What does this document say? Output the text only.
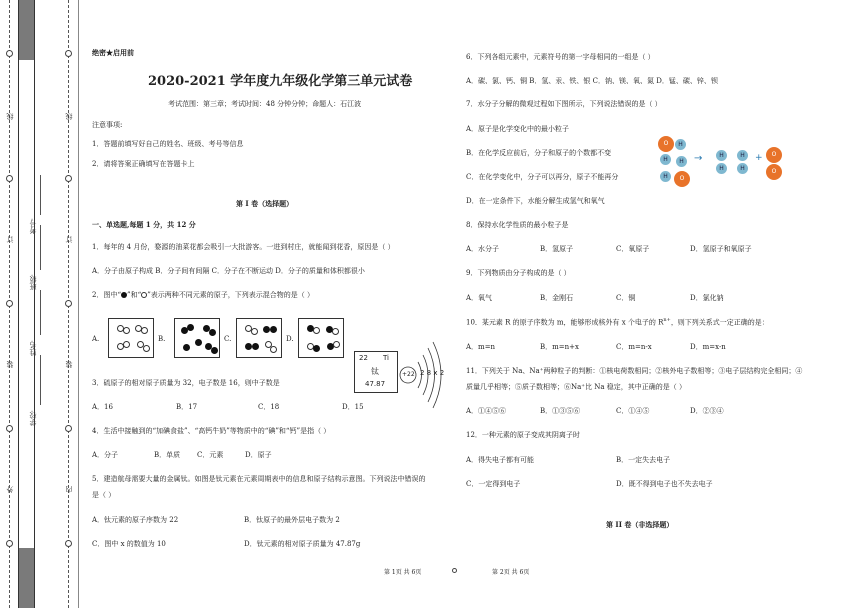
外
装
订
线
内
装
订
线
学校:
姓名:
班级:
考号:
绝密★启用前
2020-2021 学年度九年级化学第三单元试卷
考试范围：第三章；考试时间：48 分钟分钟；命题人：石江波
注意事项:
1．答题前填写好自己的姓名、班级、考号等信息
2．请将答案正确填写在答题卡上
第 I 卷（选择题）
一、单选题,每题 1 分，共 12 分
1．每年的 4 月份，婺源的油菜花都会吸引一大批游客。一进到村庄，就能闻到花香，原因是（ ）
A．分子由原子构成 B．分子间有间隔 C．分子在不断运动 D．分子的质量和体积都很小
2．图中“ ”和“ ”表示两种不同元素的原子，下列表示混合物的是（ ）
A.	B.	C.	D.
22 Ti
钛
47.87
+22 2 8 x 2
3．硫原子的相对原子质量为 32，电子数是 16，则中子数是
A．16	B．17	C．18	D．15
4．生活中接触到的“加碘食盐”、“高钙牛奶”等物质中的“碘”和“钙”是指（ ）
A．分子	B．单质 C．元素	D．原子
5．建造航母需要大量的金属钛。如图是钛元素在元素周期表中的信息和原子结构示意图。下列说法中错误的
是（ ）
A．钛元素的原子序数为 22	B．钛原子的最外层电子数为 2
C．图中 x 的数值为 10	D．钛元素的相对原子质量为 47.87g
第 1页 共 6页
6．下列各组元素中，元素符号的第一字母相同的一组是（ ）
A．碳、氯、钙、铜 B．氢、汞、铁、银 C．钠、镁、氧、氮 D．锰、碳、锌、钡
7．水分子分解的微观过程如下图所示，下列说法错误的是（ ）
A．原子是化学变化中的最小粒子
B．在化学反应前后，分子和原子的个数都不变
C．在化学变化中，分子可以再分，原子不能再分
D．在一定条件下，水能分解生成氢气和氧气
O	H
H
H	O
H	→	H
H
H
H
+	O
O
8．保持水化学性质的最小粒子是
A．水分子	B．氢原子	C．氧原子	D．氢原子和氧原子
9．下列物质由分子构成的是（ ）
A．氧气	B．金刚石	C．铜	D．氯化钠
10．某元素 R 的原子序数为 m，能够形成核外有 x 个电子的 $R^{n+}$，则下列关系式一定正确的是：
A．m=n	B．m=n+x	C．m=n-x	D．m=x-n
11．下列关于 Na、Na⁺两种粒子的判断：①核电荷数相同；②核外电子数相等；③电子层结构完全相同；④
质量几乎相等；⑤质子数相等；⑥Na⁺比 Na 稳定，其中正确的是（ ）
A．①④⑤⑥	B．①③⑤⑥	C．①④⑤	D．②③④
12．一种元素的原子变成其阴离子时
A．得失电子都有可能	B．一定失去电子
C．一定得到电子	D．既不得到电子也不失去电子
第 II 卷（非选择题）
第 2页 共 6页
